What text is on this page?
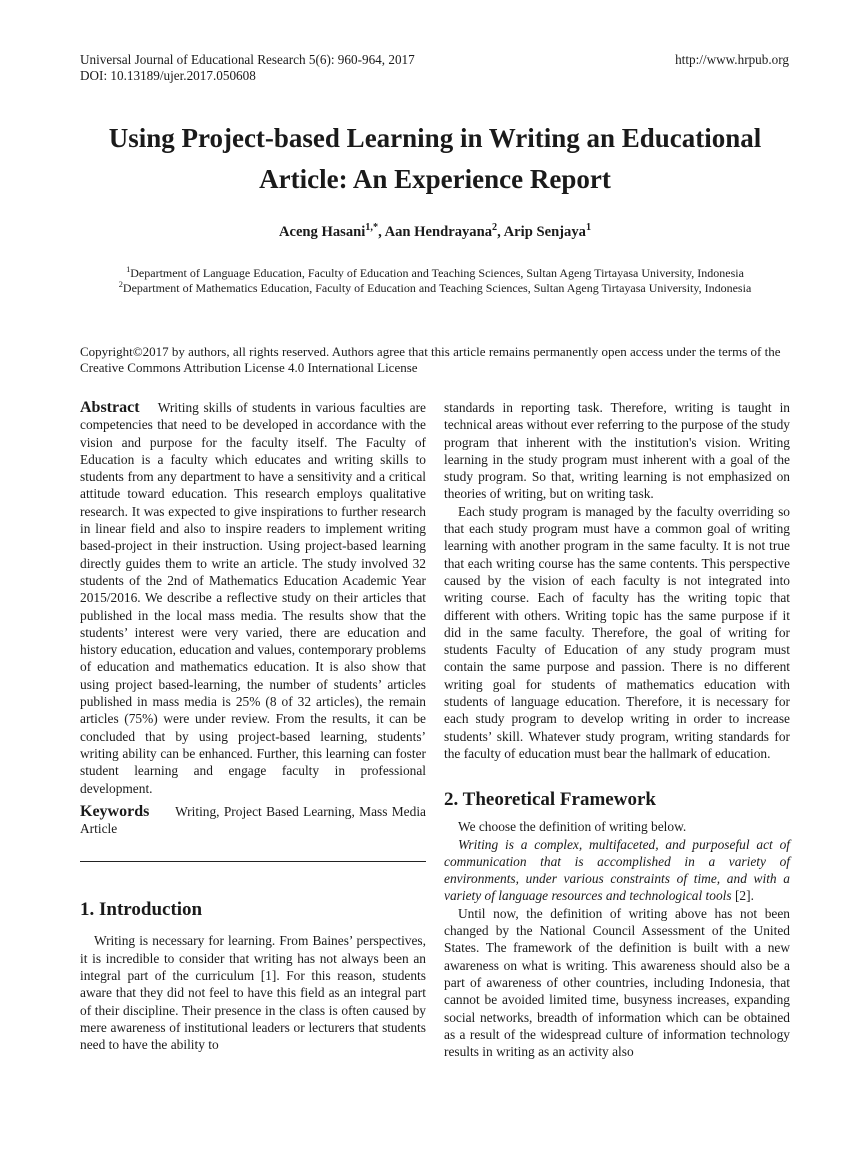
Universal Journal of Educational Research 5(6): 960-964, 2017
DOI: 10.13189/ujer.2017.050608
http://www.hrpub.org
Using Project-based Learning in Writing an Educational
Article: An Experience Report
Aceng Hasani$^{1,*}$, Aan Hendrayana$^2$, Arip Senjaya$^1$
$^1$Department of Language Education, Faculty of Education and Teaching Sciences, Sultan Ageng Tirtayasa University, Indonesia
$^2$Department of Mathematics Education, Faculty of Education and Teaching Sciences, Sultan Ageng Tirtayasa University, Indonesia
Copyright©2017 by authors, all rights reserved. Authors agree that this article remains permanently open access under the terms of the Creative Commons Attribution License 4.0 International License

Abstract Writing skills of students in various faculties are competencies that need to be developed in accordance with the vision and purpose for the faculty itself. The Faculty of Education is a faculty which educates and writing skills to students from any department to have a sensitivity and a critical attitude toward education. This research employs qualitative research. It was expected to give inspirations to further research in linear field and also to inspire readers to implement writing based-project in their instruction. Using project-based learning directly guides them to write an article. The study involved 32 students of the 2nd of Mathematics Education Academic Year 2015/2016. We describe a reflective study on their articles that published in the local mass media. The results show that the students’ interest were very varied, there are education and history education, education and values, contemporary problems of education and mathematics education. It is also show that using project based-learning, the number of students’ articles published in mass media is 25% (8 of 32 articles), the remain articles (75%) were under review. From the results, it can be concluded that by using project-based learning, students’ writing ability can be enhanced. Further, this learning can foster student learning and engage faculty in professional development.

Keywords Writing, Project Based Learning, Mass Media Article

1. Introduction

Writing is necessary for learning. From Baines’ perspectives, it is incredible to consider that writing has not always been an integral part of the curriculum [1]. For this reason, students aware that they did not feel to have this field as an integral part of their discipline. Their presence in the class is often caused by mere awareness of institutional leaders or lecturers that students need to have the ability to

standards in reporting task. Therefore, writing is taught in technical areas without ever referring to the purpose of the study program that inherent with the institution's vision. Writing learning in the study program must inherent with a goal of the study program. So that, writing learning is not emphasized on theories of writing, but on writing task.

Each study program is managed by the faculty overriding so that each study program must have a common goal of writing learning with another program in the same faculty. It is not true that each writing course has the same contents. This perspective caused by the vision of each faculty is not integrated into writing course. Each of faculty has the writing topic that different with others. Writing topic has the same purpose if it did in the same faculty. Therefore, the goal of writing for students Faculty of Education of any study program must contain the same purpose and passion. There is no different writing goal for students of mathematics education with students of language education. Therefore, it is necessary for each study program to develop writing in order to increase students’ skill. Whatever study program, writing standards for the faculty of education must bear the hallmark of education.

2. Theoretical Framework

We choose the definition of writing below.

Writing is a complex, multifaceted, and purposeful act of communication that is accomplished in a variety of environments, under various constraints of time, and with a variety of language resources and technological tools [2].

Until now, the definition of writing above has not been changed by the National Council Assessment of the United States. The framework of the definition is built with a new awareness on what is writing. This awareness should also be a part of awareness of other countries, including Indonesia, that cannot be avoided limited time, busyness increases, expanding social networks, breadth of information which can be obtained as a result of the widespread culture of information technology results in writing as an activity also
